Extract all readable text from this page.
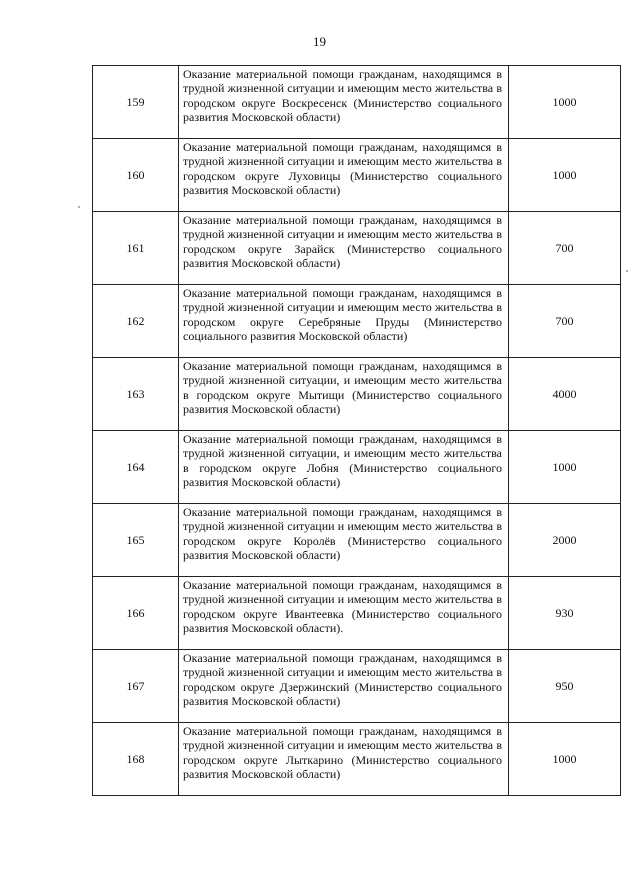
19
159	Оказание материальной помощи гражданам, находящимся в трудной жизненной ситуации и имеющим место жительства в городском округе Воскресенск (Министерство социального развития Московской области)	1000
160	Оказание материальной помощи гражданам, находящимся в трудной жизненной ситуации и имеющим место жительства в городском округе Луховицы (Министерство социального развития Московской области)	1000
161	Оказание материальной помощи гражданам, находящимся в трудной жизненной ситуации и имеющим место жительства в городском округе Зарайск (Министерство социального развития Московской области)	700
162	Оказание материальной помощи гражданам, находящимся в трудной жизненной ситуации и имеющим место жительства в городском округе Серебряные Пруды (Министерство социального развития Московской области)	700
163	Оказание материальной помощи гражданам, находящимся в трудной жизненной ситуации, и имеющим место жительства в городском округе Мытищи (Министерство социального развития Московской области)	4000
164	Оказание материальной помощи гражданам, находящимся в трудной жизненной ситуации, и имеющим место жительства в городском округе Лобня (Министерство социального развития Московской области)	1000
165	Оказание материальной помощи гражданам, находящимся в трудной жизненной ситуации и имеющим место жительства в городском округе Королёв (Министерство социального развития Московской области)	2000
166	Оказание материальной помощи гражданам, находящимся в трудной жизненной ситуации и имеющим место жительства в городском округе Ивантеевка (Министерство социального развития Московской области).	930
167	Оказание материальной помощи гражданам, находящимся в трудной жизненной ситуации и имеющим место жительства в городском округе Дзержинский (Министерство социального развития Московской области)	950
168	Оказание материальной помощи гражданам, находящимся в трудной жизненной ситуации и имеющим место жительства в городском округе Лыткарино (Министерство социального развития Московской области)	1000
